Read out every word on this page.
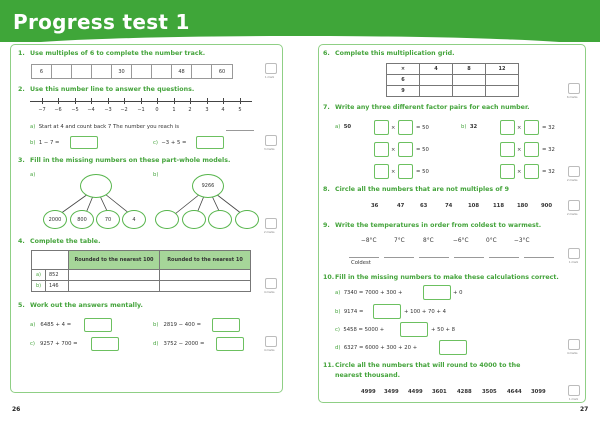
Progress test 1
26	27
1. Use multiples of 6 to complete the number track.
6	30	48	60
1 mark
2. Use this number line to answer the questions.
−7 −6 −5 −4 −3 −2 −1 0	1	2	3	4	5
a) Start at 4 and count back 7 The number you reach is
b) 1 − 7 =	c) −3 + 5 =
3 marks
3. Fill in the missing numbers on these part-whole models.
a)	b)
2000	800	70	4
9266
2 marks
4. Complete the table.
		Rounded to the nearest 100	Rounded to the nearest 10
a)	852		
b)	146		
4 marks
5. Work out the answers mentally.
a) 6485 + 4 =	b) 2819 − 400 =
c) 9257 + 700 =	d) 3752 − 2000 =
4 marks
6. Complete this multiplication grid.
×	4	8	12
6			
9			
6 marks
7. Write any three different factor pairs for each number.
a) 50	b) 32
×	= 50
×	= 50
×	= 50
×	= 32
×	= 32
×	= 32
2 marks
8. Circle all the numbers that are not multiples of 9
36	47	63	74	108	118 180 900
2 marks
9. Write the temperatures in order from coldest to warmest.
−8°C	7°C	8°C	−6°C	0°C	−3°C
Coldest	1 mark
10.Fill in the missing numbers to make these calculations correct.
a) 7340 = 7000 + 300 +	+ 0
b) 9174 =	+ 100 + 70 + 4
c) 5458 = 5000 +	+ 50 + 8
d) 6327 = 6000 + 300 + 20 +
4 marks
11.Circle all the numbers that will round to 4000 to the
nearest thousand.
4999 3499 4499 3601 4288 3505 4644 3099
1 mark
